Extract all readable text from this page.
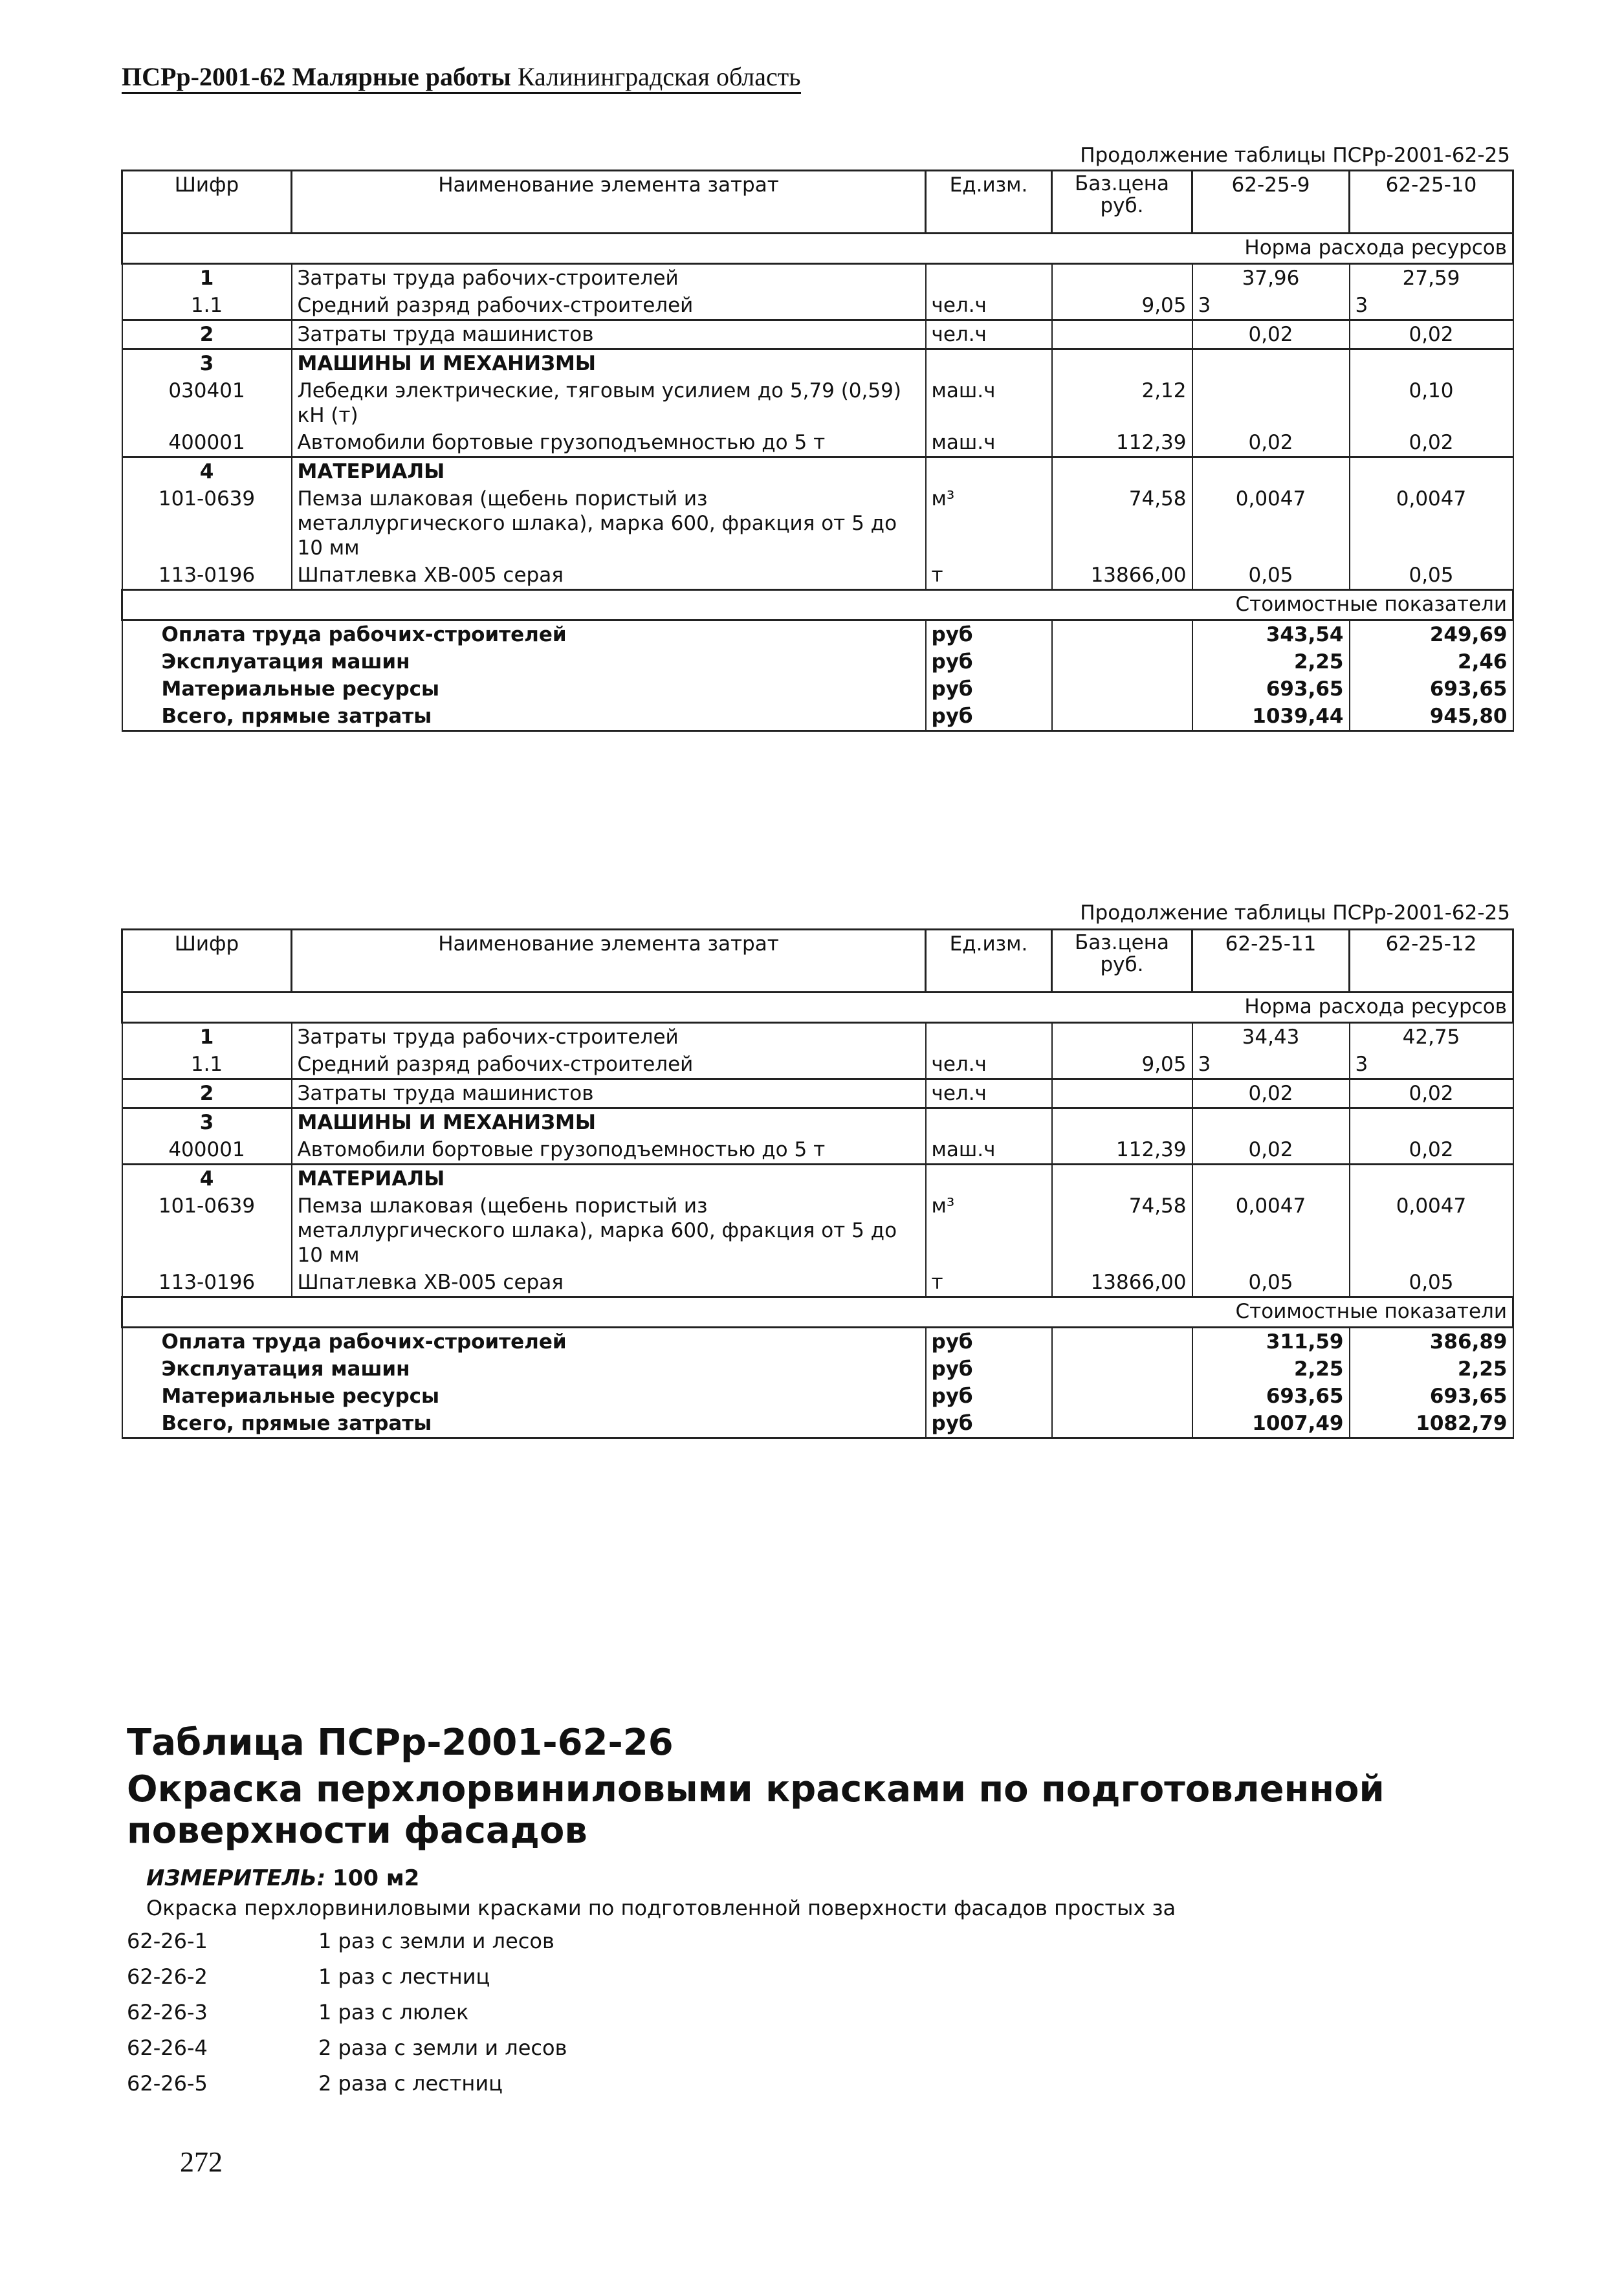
ПСРр-2001-62 Малярные работы Калининградская область
Продолжение таблицы ПСРр-2001-62-25
Шифр	Наименование элемента затрат	Ед.изм.	Баз.цена руб.	62-25-9	62-25-10
Норма расхода ресурсов					
1	Затраты труда рабочих-строителей			37,96	27,59
1.1	Средний разряд рабочих-строителей	чел.ч	9,05	3	3
2	Затраты труда машинистов	чел.ч		0,02	0,02
3	МАШИНЫ И МЕХАНИЗМЫ				
030401	Лебедки электрические, тяговым усилием до 5,79 (0,59) кН (т)	маш.ч	2,12		0,10
400001	Автомобили бортовые грузоподъемностью до 5 т	маш.ч	112,39	0,02	0,02
4	МАТЕРИАЛЫ				
101-0639	Пемза шлаковая (щебень пористый из металлургического шлака), марка 600, фракция от 5 до 10 мм	м³	74,58	0,0047	0,0047
113-0196	Шпатлевка ХВ-005 серая	т	13866,00	0,05	0,05
Стоимостные показатели					
Оплата труда рабочих-строителей		руб		343,54	249,69
Эксплуатация машин		руб		2,25	2,46
Материальные ресурсы		руб		693,65	693,65
Всего, прямые затраты		руб		1039,44	945,80
Продолжение таблицы ПСРр-2001-62-25
Шифр	Наименование элемента затрат	Ед.изм.	Баз.цена руб.	62-25-11	62-25-12
Норма расхода ресурсов					
1	Затраты труда рабочих-строителей			34,43	42,75
1.1	Средний разряд рабочих-строителей	чел.ч	9,05	3	3
2	Затраты труда машинистов	чел.ч		0,02	0,02
3	МАШИНЫ И МЕХАНИЗМЫ				
400001	Автомобили бортовые грузоподъемностью до 5 т	маш.ч	112,39	0,02	0,02
4	МАТЕРИАЛЫ				
101-0639	Пемза шлаковая (щебень пористый из металлургического шлака), марка 600, фракция от 5 до 10 мм	м³	74,58	0,0047	0,0047
113-0196	Шпатлевка ХВ-005 серая	т	13866,00	0,05	0,05
Стоимостные показатели					
Оплата труда рабочих-строителей		руб		311,59	386,89
Эксплуатация машин		руб		2,25	2,25
Материальные ресурсы		руб		693,65	693,65
Всего, прямые затраты		руб		1007,49	1082,79
Таблица ПСРр-2001-62-26
Окраска перхлорвиниловыми красками по подготовленной
поверхности фасадов
ИЗМЕРИТЕЛЬ: 100 м2
Окраска перхлорвиниловыми красками по подготовленной поверхности фасадов простых за
62-26-1	1 раз с земли и лесов
62-26-2	1 раз с лестниц
62-26-3	1 раз с люлек
62-26-4	2 раза с земли и лесов
62-26-5	2 раза с лестниц
272
